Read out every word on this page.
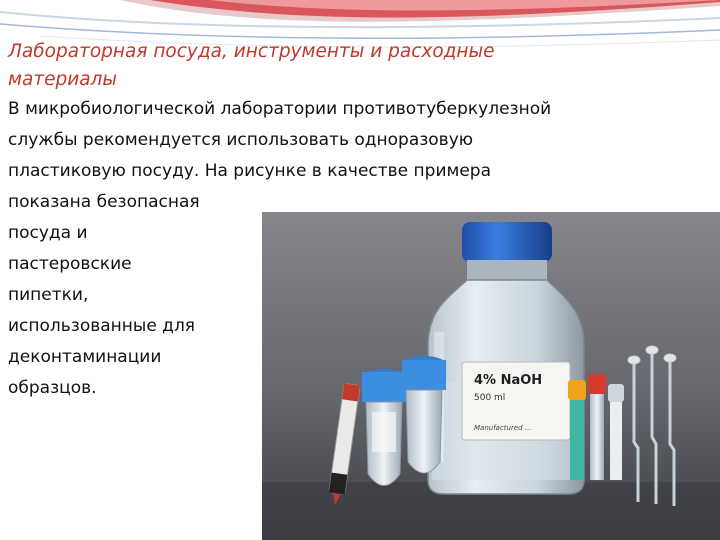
Лабораторная посуда, инструменты и расходные
материалы
В микробиологической лаборатории противотуберкулезной
службы рекомендуется использовать одноразовую
пластиковую посуду. На рисунке в качестве примера
показана безопасная
посуда и
пастеровские
пипетки,
использованные для
деконтаминации
образцов.	4% NaOH
500 ml
Manufactured ...
